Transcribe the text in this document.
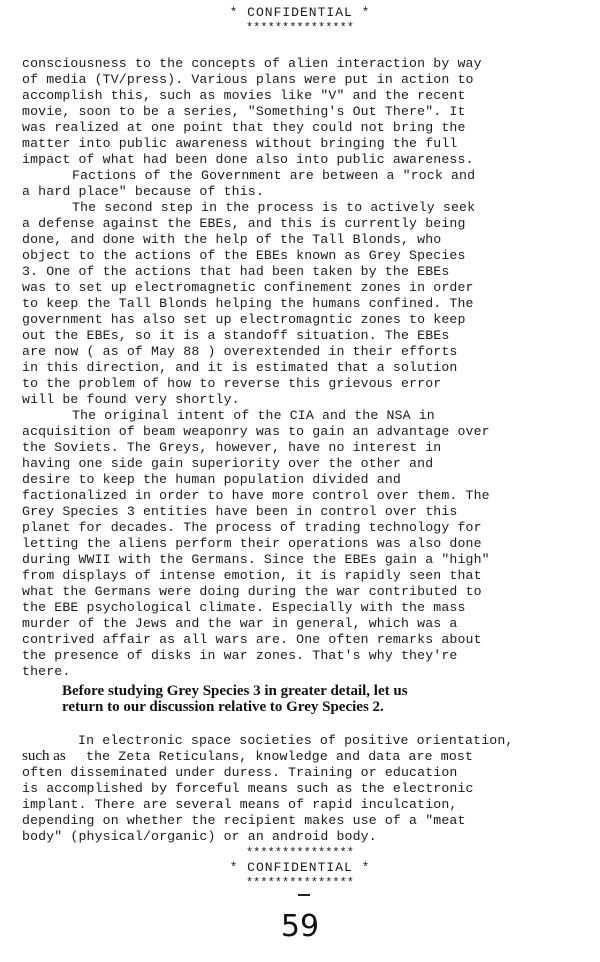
* CONFIDENTIAL *
***************
consciousness to the concepts of alien interaction by way
of media (TV/press). Various plans were put in action to
accomplish this, such as movies like "V" and the recent
movie, soon to be a series, "Something's Out There". It
was realized at one point that they could not bring the
matter into public awareness without bringing the full
impact of what had been done also into public awareness.
Factions of the Government are between a "rock and
a hard place" because of this.
The second step in the process is to actively seek
a defense against the EBEs, and this is currently being
done, and done with the help of the Tall Blonds, who
object to the actions of the EBEs known as Grey Species
3. One of the actions that had been taken by the EBEs
was to set up electromagnetic confinement zones in order
to keep the Tall Blonds helping the humans confined. The
government has also set up electromagntic zones to keep
out the EBEs, so it is a standoff situation. The EBEs
are now ( as of May 88 ) overextended in their efforts
in this direction, and it is estimated that a solution
to the problem of how to reverse this grievous error
will be found very shortly.
The original intent of the CIA and the NSA in
acquisition of beam weaponry was to gain an advantage over
the Soviets. The Greys, however, have no interest in
having one side gain superiority over the other and
desire to keep the human population divided and
factionalized in order to have more control over them. The
Grey Species 3 entities have been in control over this
planet for decades. The process of trading technology for
letting the aliens perform their operations was also done
during WWII with the Germans. Since the EBEs gain a "high"
from displays of intense emotion, it is rapidly seen that
what the Germans were doing during the war contributed to
the EBE psychological climate. Especially with the mass
murder of the Jews and the war in general, which was a
contrived affair as all wars are. One often remarks about
the presence of disks in war zones. That's why they're
there.
Before studying Grey Species 3 in greater detail, let us
return to our discussion relative to Grey Species 2.
In electronic space societies of positive orientation,
such as the Zeta Reticulans, knowledge and data are most
often disseminated under duress. Training or education
is accomplished by forceful means such as the electronic
implant. There are several means of rapid inculcation,
depending on whether the recipient makes use of a "meat
body" (physical/organic) or an android body.
***************
* CONFIDENTIAL *
***************
59
